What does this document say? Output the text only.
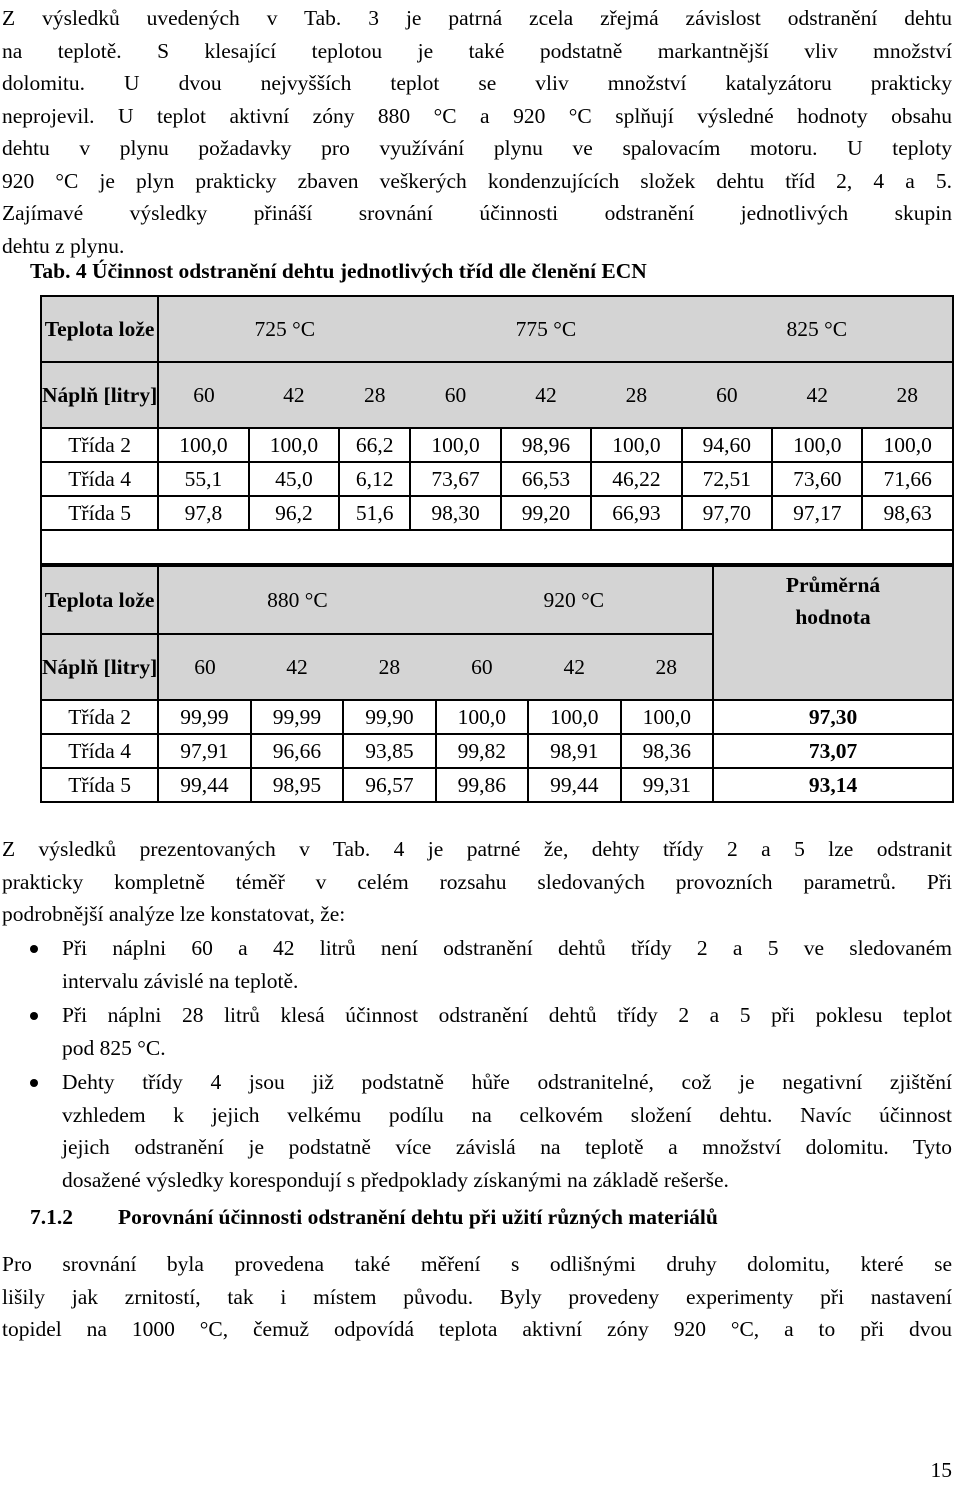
Z výsledků uvedených v Tab. 3 je patrná zcela zřejmá závislost odstranění dehtu
na teplotě. S klesající teplotou je také podstatně markantnější vliv množství
dolomitu. U dvou nejvyšších teplot se vliv množství katalyzátoru prakticky
neprojevil. U teplot aktivní zóny 880 °C a 920 °C splňují výsledné hodnoty obsahu
dehtu v plynu požadavky pro využívání plynu ve spalovacím motoru. U teploty
920 °C je plyn prakticky zbaven veškerých kondenzujících složek dehtu tříd 2, 4 a 5.
Zajímavé výsledky přináší srovnání účinnosti odstranění jednotlivých skupin
dehtu z plynu.
Tab. 4 Účinnost odstranění dehtu jednotlivých tříd dle členění ECN
Teplota lože	725 °C			775 °C			825 °C		
Náplň [litry]	60	42	28	60	42	28	60	42	28
Třída 2	100,0	100,0	66,2	100,0	98,96	100,0	94,60	100,0	100,0
Třída 4	55,1	45,0	6,12	73,67	66,53	46,22	72,51	73,60	71,66
Třída 5	97,8	96,2	51,6	98,30	99,20	66,93	97,70	97,17	98,63

Teplota lože	880 °C			920 °C			Průměrná hodnota
Náplň [litry]	60	42	28	60	42	28	
Třída 2	99,99	99,99	99,90	100,0	100,0	100,0	97,30
Třída 4	97,91	96,66	93,85	99,82	98,91	98,36	73,07
Třída 5	99,44	98,95	96,57	99,86	99,44	99,31	93,14
Z výsledků prezentovaných v Tab. 4 je patrné že, dehty třídy 2 a 5 lze odstranit
prakticky kompletně téměř v celém rozsahu sledovaných provozních parametrů. Při
podrobnější analýze lze konstatovat, že:
Při náplni 60 a 42 litrů není odstranění dehtů třídy 2 a 5 ve sledovaném
intervalu závislé na teplotě.
Při náplni 28 litrů klesá účinnost odstranění dehtů třídy 2 a 5 při poklesu teplot
pod 825 °C.
Dehty třídy 4 jsou již podstatně hůře odstranitelné, což je negativní zjištění
vzhledem k jejich velkému podílu na celkovém složení dehtu. Navíc účinnost
jejich odstranění je podstatně více závislá na teplotě a množství dolomitu. Tyto
dosažené výsledky korespondují s předpoklady získanými na základě rešerše.
7.1.2 Porovnání účinnosti odstranění dehtu při užití různých materiálů
Pro srovnání byla provedena také měření s odlišnými druhy dolomitu, které se
lišily jak zrnitostí, tak i místem původu. Byly provedeny experimenty při nastavení
topidel na 1000 °C, čemuž odpovídá teplota aktivní zóny 920 °C, a to při dvou
15
